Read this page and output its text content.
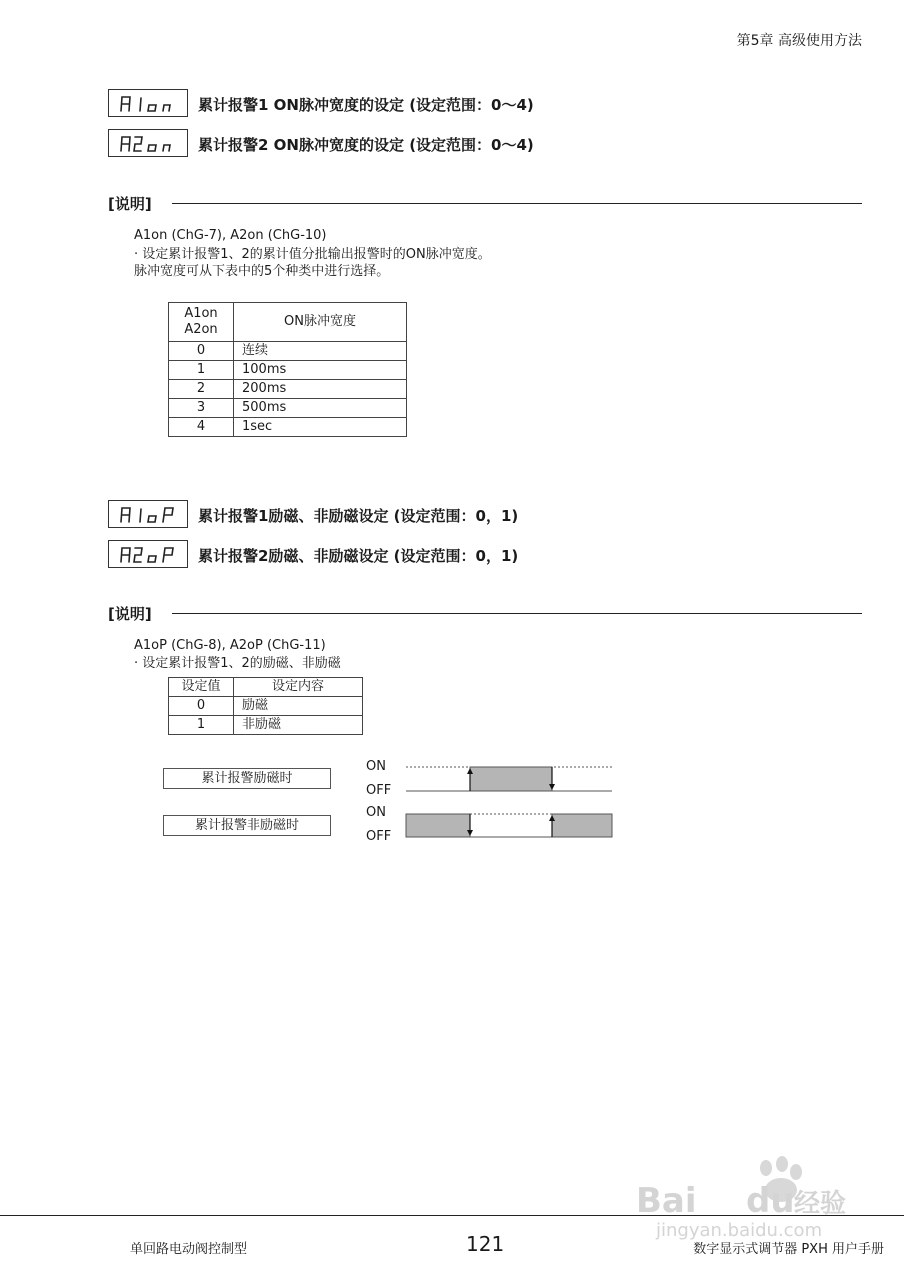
第5章 高级使用方法
累计报警1 ON脉冲宽度的设定 (设定范围：0～4)
累计报警2 ON脉冲宽度的设定 (设定范围：0～4)
[说明]
A1on (ChG-7), A2on (ChG-10)
· 设定累计报警1、2的累计值分批输出报警时的ON脉冲宽度。
脉冲宽度可从下表中的5个种类中进行选择。
A1on
A2on	ON脉冲宽度
0	连续
1	100ms
2	200ms
3	500ms
4	1sec
累计报警1励磁、非励磁设定 (设定范围：0，1)
累计报警2励磁、非励磁设定 (设定范围：0，1)
[说明]
A1oP (ChG-8), A2oP (ChG-11)
· 设定累计报警1、2的励磁、非励磁
设定值	设定内容
0	励磁
1	非励磁
累计报警励磁时
累计报警非励磁时
ON
OFF
ON
OFF
Bai du 经验
jingyan.baidu.com
单回路电动阀控制型	121	数字显示式调节器 PXH 用户手册
